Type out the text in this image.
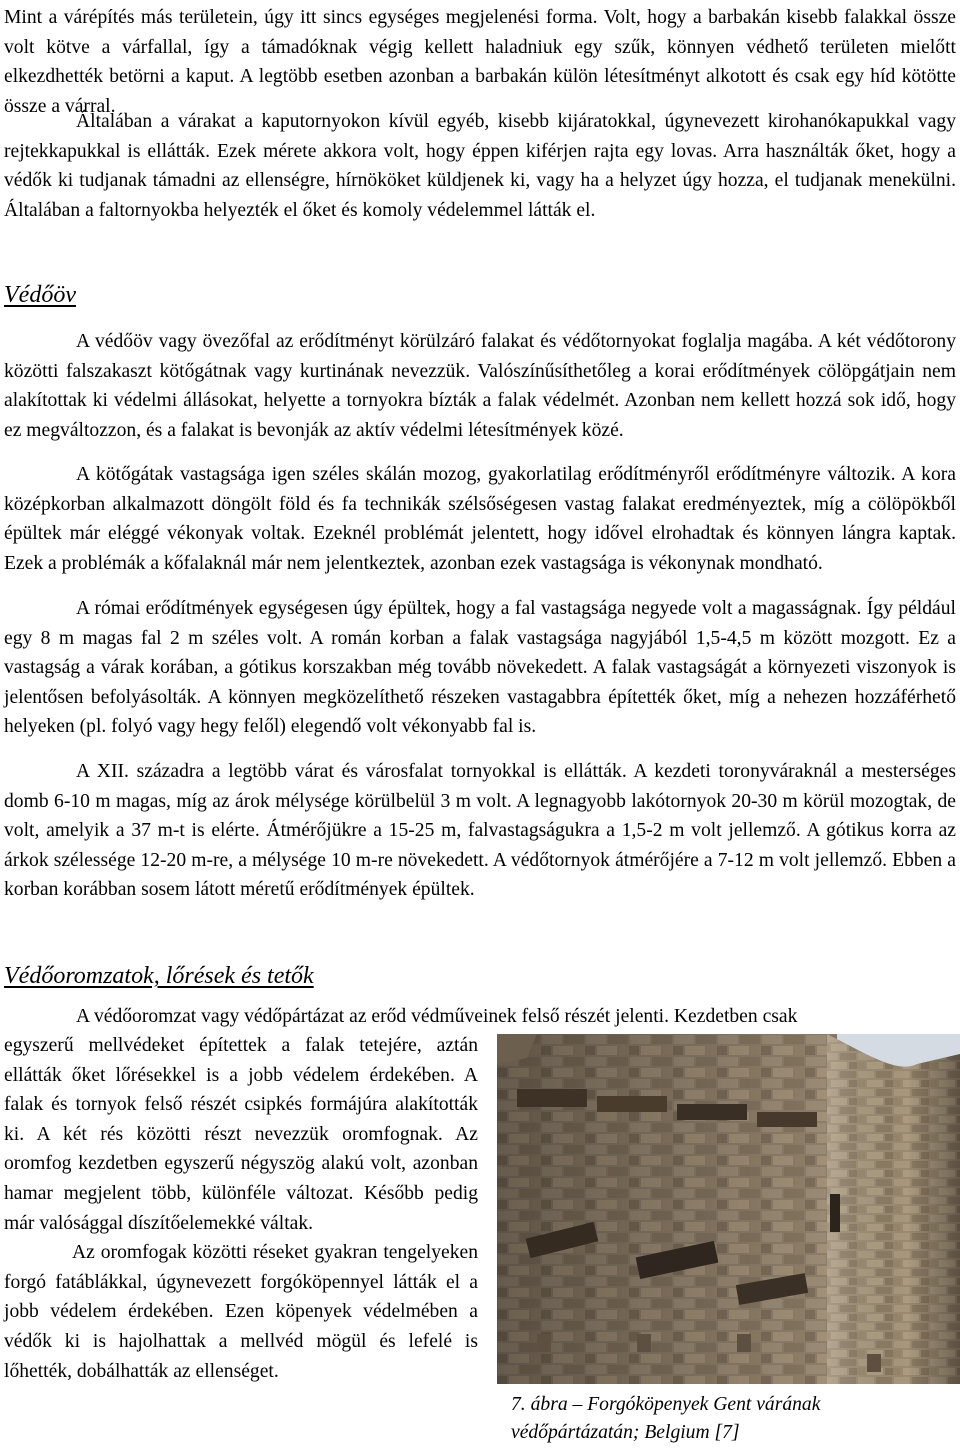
Mint a várépítés más területein, úgy itt sincs egységes megjelenési forma. Volt, hogy a barbakán kisebb falakkal össze volt kötve a várfallal, így a támadóknak végig kellett haladniuk egy szűk, könnyen védhető területen mielőtt elkezdhették betörni a kaput. A legtöbb esetben azonban a barbakán külön létesítményt alkotott és csak egy híd kötötte össze a várral.

Általában a várakat a kaputornyokon kívül egyéb, kisebb kijáratokkal, úgynevezett kirohanókapukkal vagy rejtekkapukkal is ellátták. Ezek mérete akkora volt, hogy éppen kiférjen rajta egy lovas. Arra használták őket, hogy a védők ki tudjanak támadni az ellenségre, hírnököket küldjenek ki, vagy ha a helyzet úgy hozza, el tudjanak menekülni. Általában a faltornyokba helyezték el őket és komoly védelemmel látták el.

Védőöv

A védőöv vagy övezőfal az erődítményt körülzáró falakat és védőtornyokat foglalja magába. A két védőtorony közötti falszakaszt kötőgátnak vagy kurtinának nevezzük. Valószínűsíthetőleg a korai erődítmények cölöpgátjain nem alakítottak ki védelmi állásokat, helyette a tornyokra bízták a falak védelmét. Azonban nem kellett hozzá sok idő, hogy ez megváltozzon, és a falakat is bevonják az aktív védelmi létesítmények közé.

A kötőgátak vastagsága igen széles skálán mozog, gyakorlatilag erődítményről erődítményre változik. A kora középkorban alkalmazott döngölt föld és fa technikák szélsőségesen vastag falakat eredményeztek, míg a cölöpökből épültek már eléggé vékonyak voltak. Ezeknél problémát jelentett, hogy idővel elrohadtak és könnyen lángra kaptak. Ezek a problémák a kőfalaknál már nem jelentkeztek, azonban ezek vastagsága is vékonynak mondható.

A római erődítmények egységesen úgy épültek, hogy a fal vastagsága negyede volt a magasságnak. Így például egy 8 m magas fal 2 m széles volt. A román korban a falak vastagsága nagyjából 1,5-4,5 m között mozgott. Ez a vastagság a várak korában, a gótikus korszakban még tovább növekedett. A falak vastagságát a környezeti viszonyok is jelentősen befolyásolták. A könnyen megközelíthető részeken vastagabbra építették őket, míg a nehezen hozzáférhető helyeken (pl. folyó vagy hegy felől) elegendő volt vékonyabb fal is.

A XII. századra a legtöbb várat és városfalat tornyokkal is ellátták. A kezdeti toronyváraknál a mesterséges domb 6-10 m magas, míg az árok mélysége körülbelül 3 m volt. A legnagyobb lakótornyok 20-30 m körül mozogtak, de volt, amelyik a 37 m-t is elérte. Átmérőjükre a 15-25 m, falvastagságukra a 1,5-2 m volt jellemző. A gótikus korra az árkok szélessége 12-20 m-re, a mélysége 10 m-re növekedett. A védőtornyok átmérőjére a 7-12 m volt jellemző. Ebben a korban korábban sosem látott méretű erődítmények épültek.

Védőoromzatok, lőrések és tetők

A védőoromzat vagy védőpártázat az erőd védműveinek felső részét jelenti. Kezdetben csak

egyszerű mellvédeket építettek a falak tetejére, aztán ellátták őket lőrésekkel is a jobb védelem érdekében. A falak és tornyok felső részét csipkés formájúra alakították ki. A két rés közötti részt nevezzük oromfognak. Az oromfog kezdetben egyszerű négyszög alakú volt, azonban hamar megjelent több, különféle változat. Később pedig már valósággal díszítőelemekké váltak.
Az oromfogak közötti réseket gyakran tengelyeken forgó fatáblákkal, úgynevezett forgóköpennyel látták el a jobb védelem érdekében. Ezen köpenyek védelmében a védők ki is hajolhattak a mellvéd mögül és lefelé is lőhették, dobálhatták az ellenséget.

7. ábra – Forgóköpenyek Gent várának védőpártázatán; Belgium [7]
